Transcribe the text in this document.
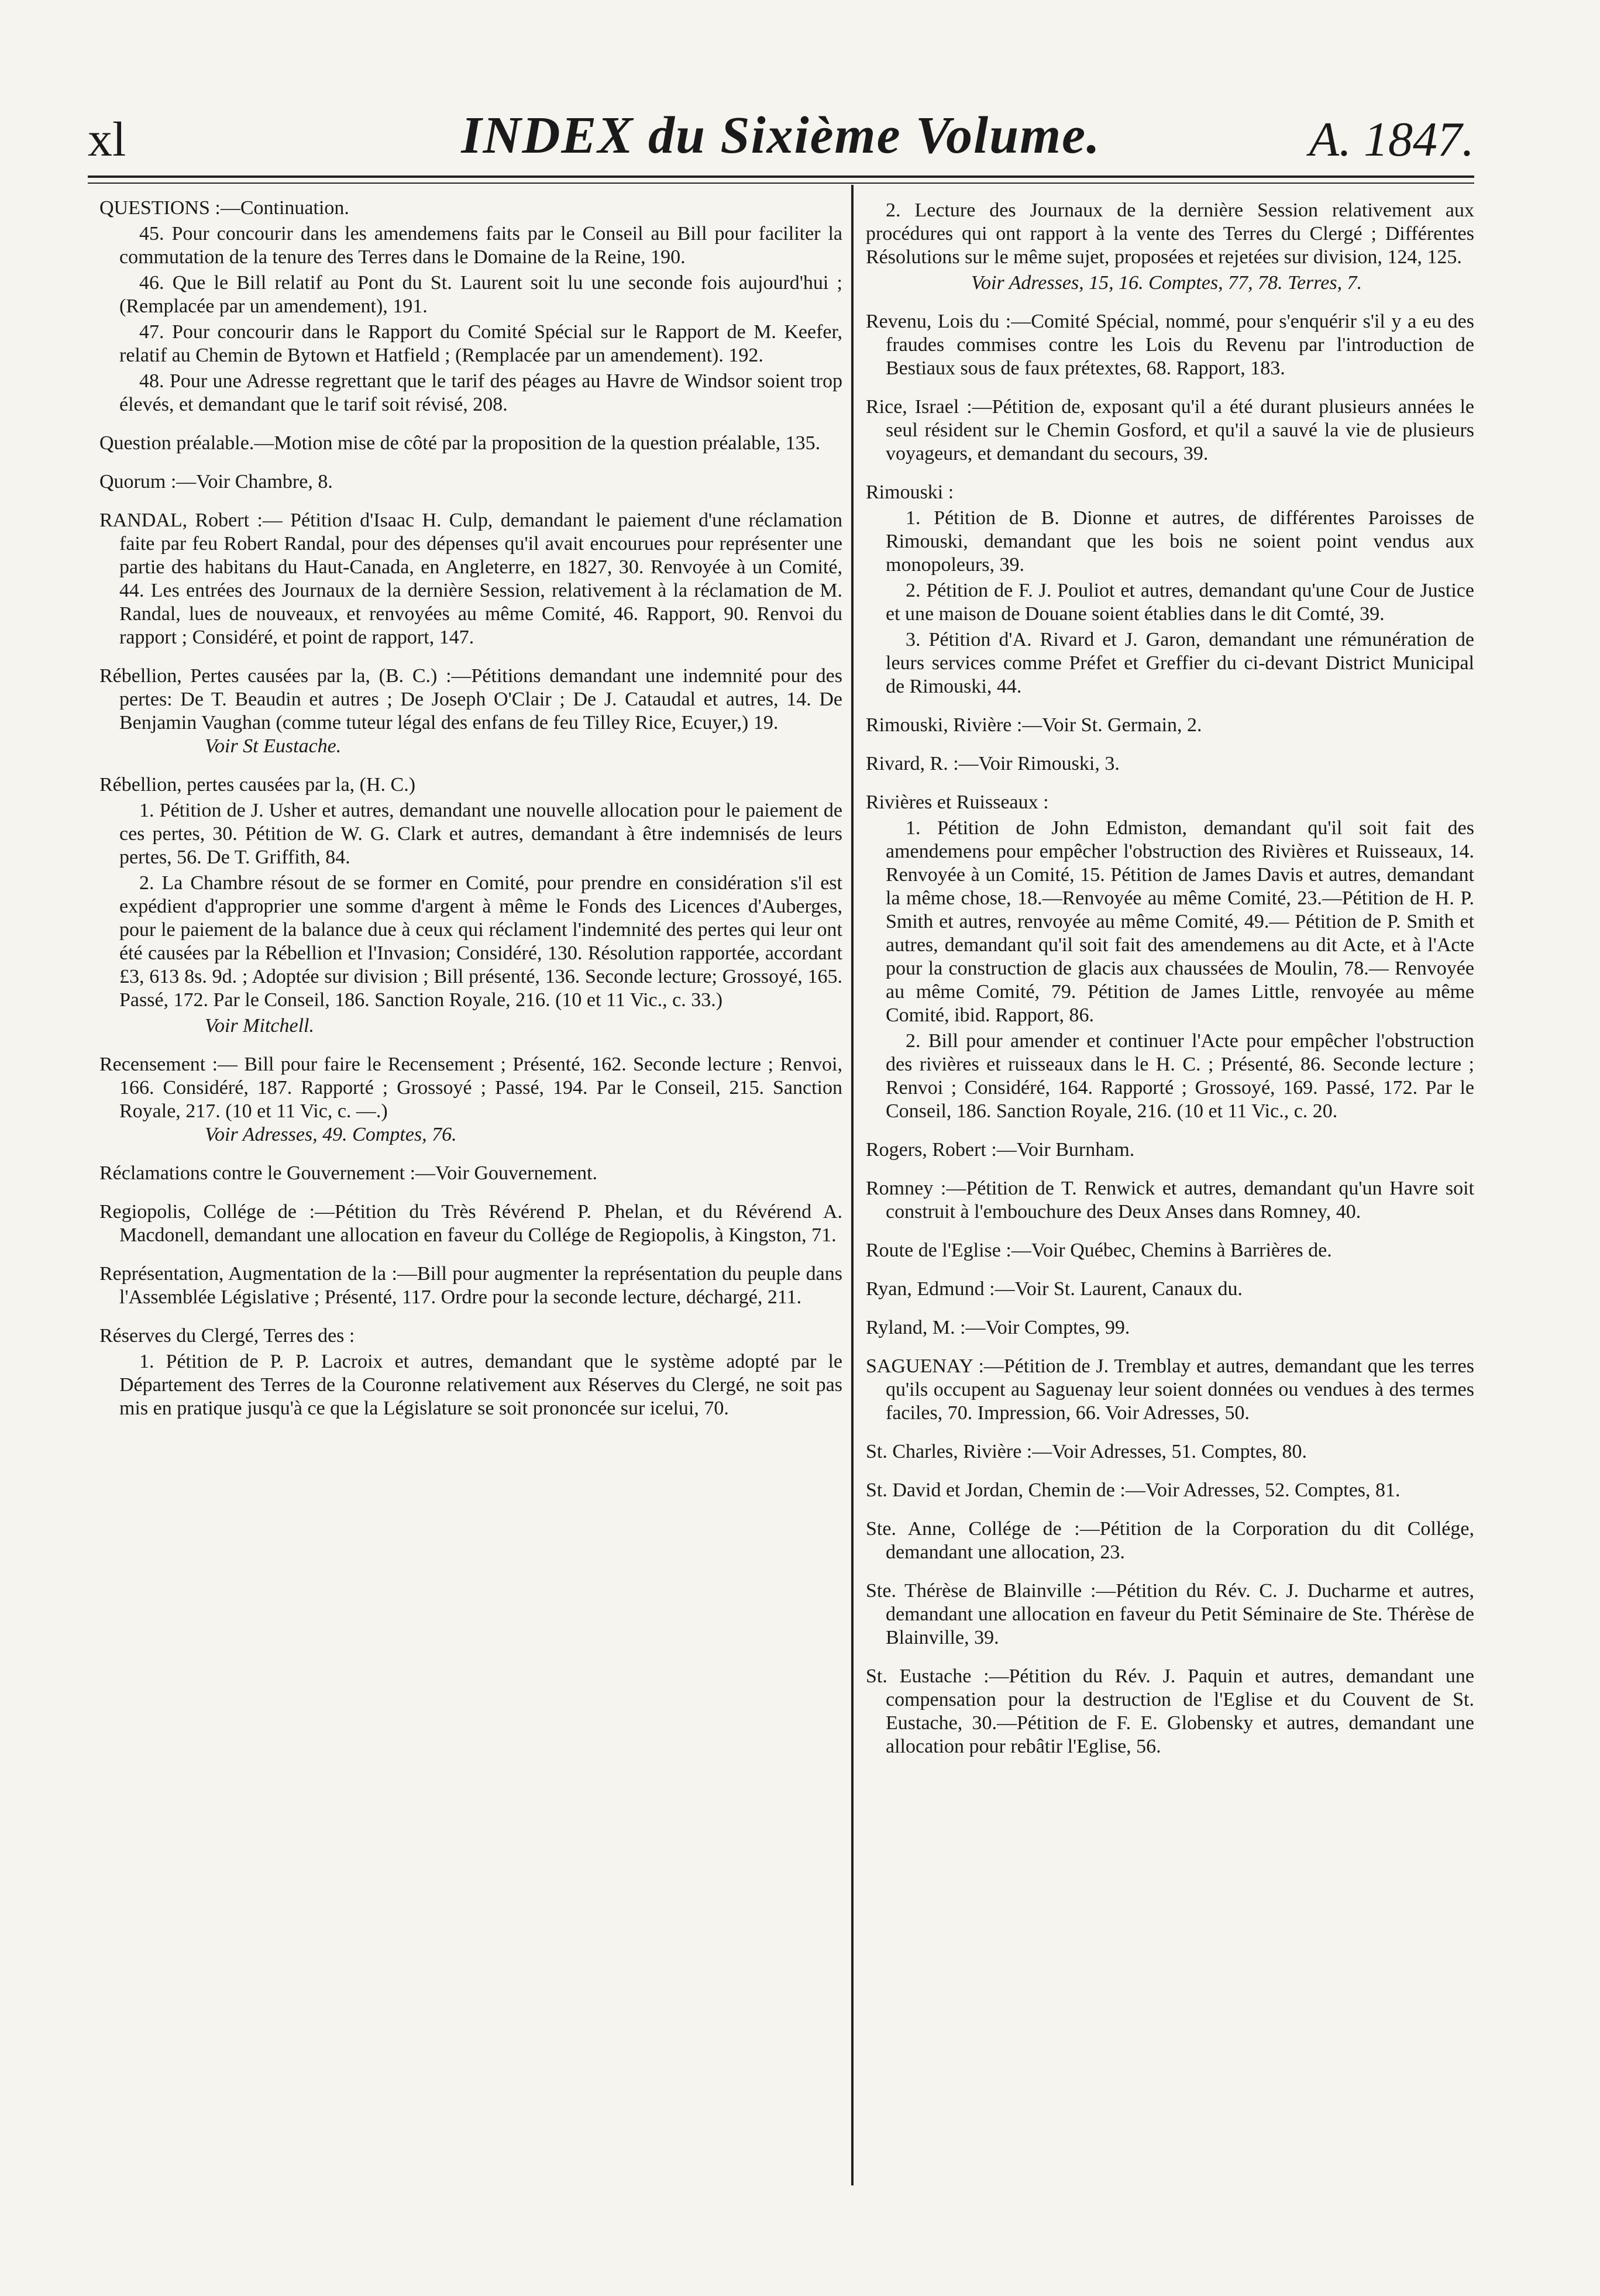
xl	INDEX du Sixième Volume.	A. 1847.
QUESTIONS :—Continuation.
45. Pour concourir dans les amendemens faits par le Conseil au Bill pour faciliter la commutation de la tenure des Terres dans le Domaine de la Reine, 190.
46. Que le Bill relatif au Pont du St. Laurent soit lu une seconde fois aujourd'hui ; (Remplacée par un amendement), 191.
47. Pour concourir dans le Rapport du Comité Spécial sur le Rapport de M. Keefer, relatif au Chemin de Bytown et Hatfield ; (Remplacée par un amendement). 192.
48. Pour une Adresse regrettant que le tarif des péages au Havre de Windsor soient trop élevés, et demandant que le tarif soit révisé, 208.
Question préalable.—Motion mise de côté par la proposition de la question préalable, 135.
Quorum :—Voir Chambre, 8.
RANDAL, Robert :— Pétition d'Isaac H. Culp, demandant le paiement d'une réclamation faite par feu Robert Randal, pour des dépenses qu'il avait encourues pour représenter une partie des habitans du Haut-Canada, en Angleterre, en 1827, 30. Renvoyée à un Comité, 44. Les entrées des Journaux de la dernière Session, relativement à la réclamation de M. Randal, lues de nouveaux, et renvoyées au même Comité, 46. Rapport, 90. Renvoi du rapport ; Considéré, et point de rapport, 147.
Rébellion, Pertes causées par la, (B. C.) :—Pétitions demandant une indemnité pour des pertes: De T. Beaudin et autres ; De Joseph O'Clair ; De J. Cataudal et autres, 14. De Benjamin Vaughan (comme tuteur légal des enfans de feu Tilley Rice, Ecuyer,) 19.
Voir St Eustache.
Rébellion, pertes causées par la, (H. C.)
1. Pétition de J. Usher et autres, demandant une nouvelle allocation pour le paiement de ces pertes, 30. Pétition de W. G. Clark et autres, demandant à être indemnisés de leurs pertes, 56. De T. Griffith, 84.
2. La Chambre résout de se former en Comité, pour prendre en considération s'il est expédient d'approprier une somme d'argent à même le Fonds des Licences d'Auberges, pour le paiement de la balance due à ceux qui réclament l'indemnité des pertes qui leur ont été causées par la Rébellion et l'Invasion; Considéré, 130. Résolution rapportée, accordant £3, 613 8s. 9d. ; Adoptée sur division ; Bill présenté, 136. Seconde lecture; Grossoyé, 165. Passé, 172. Par le Conseil, 186. Sanction Royale, 216. (10 et 11 Vic., c. 33.)
Voir Mitchell.
Recensement :— Bill pour faire le Recensement ; Présenté, 162. Seconde lecture ; Renvoi, 166. Considéré, 187. Rapporté ; Grossoyé ; Passé, 194. Par le Conseil, 215. Sanction Royale, 217. (10 et 11 Vic, c. —.)
Voir Adresses, 49. Comptes, 76.
Réclamations contre le Gouvernement :—Voir Gouvernement.
Regiopolis, Collége de :—Pétition du Très Révérend P. Phelan, et du Révérend A. Macdonell, demandant une allocation en faveur du Collége de Regiopolis, à Kingston, 71.
Représentation, Augmentation de la :—Bill pour augmenter la représentation du peuple dans l'Assemblée Législative ; Présenté, 117. Ordre pour la seconde lecture, déchargé, 211.
Réserves du Clergé, Terres des :
1. Pétition de P. P. Lacroix et autres, demandant que le système adopté par le Département des Terres de la Couronne relativement aux Réserves du Clergé, ne soit pas mis en pratique jusqu'à ce que la Législature se soit prononcée sur icelui, 70.
2. Lecture des Journaux de la dernière Session relativement aux procédures qui ont rapport à la vente des Terres du Clergé ; Différentes Résolutions sur le même sujet, proposées et rejetées sur division, 124, 125.
Voir Adresses, 15, 16. Comptes, 77, 78. Terres, 7.
Revenu, Lois du :—Comité Spécial, nommé, pour s'enquérir s'il y a eu des fraudes commises contre les Lois du Revenu par l'introduction de Bestiaux sous de faux prétextes, 68. Rapport, 183.
Rice, Israel :—Pétition de, exposant qu'il a été durant plusieurs années le seul résident sur le Chemin Gosford, et qu'il a sauvé la vie de plusieurs voyageurs, et demandant du secours, 39.
Rimouski :
1. Pétition de B. Dionne et autres, de différentes Paroisses de Rimouski, demandant que les bois ne soient point vendus aux monopoleurs, 39.
2. Pétition de F. J. Pouliot et autres, demandant qu'une Cour de Justice et une maison de Douane soient établies dans le dit Comté, 39.
3. Pétition d'A. Rivard et J. Garon, demandant une rémunération de leurs services comme Préfet et Greffier du ci-devant District Municipal de Rimouski, 44.
Rimouski, Rivière :—Voir St. Germain, 2.
Rivard, R. :—Voir Rimouski, 3.
Rivières et Ruisseaux :
1. Pétition de John Edmiston, demandant qu'il soit fait des amendemens pour empêcher l'obstruction des Rivières et Ruisseaux, 14. Renvoyée à un Comité, 15. Pétition de James Davis et autres, demandant la même chose, 18.—Renvoyée au même Comité, 23.—Pétition de H. P. Smith et autres, renvoyée au même Comité, 49.— Pétition de P. Smith et autres, demandant qu'il soit fait des amendemens au dit Acte, et à l'Acte pour la construction de glacis aux chaussées de Moulin, 78.— Renvoyée au même Comité, 79. Pétition de James Little, renvoyée au même Comité, ibid. Rapport, 86.
2. Bill pour amender et continuer l'Acte pour empêcher l'obstruction des rivières et ruisseaux dans le H. C. ; Présenté, 86. Seconde lecture ; Renvoi ; Considéré, 164. Rapporté ; Grossoyé, 169. Passé, 172. Par le Conseil, 186. Sanction Royale, 216. (10 et 11 Vic., c. 20.
Rogers, Robert :—Voir Burnham.
Romney :—Pétition de T. Renwick et autres, demandant qu'un Havre soit construit à l'embouchure des Deux Anses dans Romney, 40.
Route de l'Eglise :—Voir Québec, Chemins à Barrières de.
Ryan, Edmund :—Voir St. Laurent, Canaux du.
Ryland, M. :—Voir Comptes, 99.
SAGUENAY :—Pétition de J. Tremblay et autres, demandant que les terres qu'ils occupent au Saguenay leur soient données ou vendues à des termes faciles, 70. Impression, 66. Voir Adresses, 50.
St. Charles, Rivière :—Voir Adresses, 51. Comptes, 80.
St. David et Jordan, Chemin de :—Voir Adresses, 52. Comptes, 81.
Ste. Anne, Collége de :—Pétition de la Corporation du dit Collége, demandant une allocation, 23.
Ste. Thérèse de Blainville :—Pétition du Rév. C. J. Ducharme et autres, demandant une allocation en faveur du Petit Séminaire de Ste. Thérèse de Blainville, 39.
St. Eustache :—Pétition du Rév. J. Paquin et autres, demandant une compensation pour la destruction de l'Eglise et du Couvent de St. Eustache, 30.—Pétition de F. E. Globensky et autres, demandant une allocation pour rebâtir l'Eglise, 56.
